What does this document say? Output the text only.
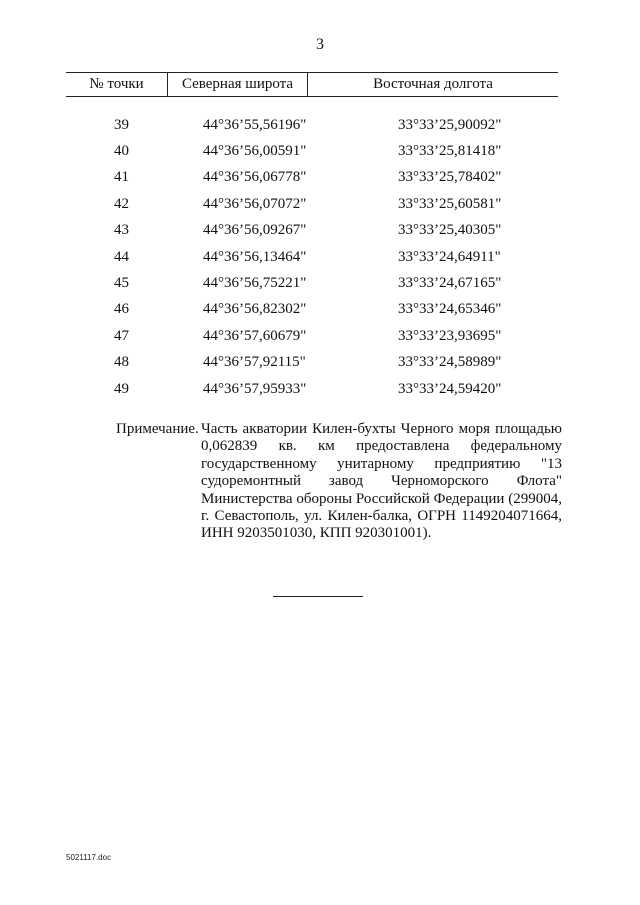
3
№ точки	Северная широта	Восточная долгота
39	44°36’55,56196"	33°33’25,90092"
40	44°36’56,00591"	33°33’25,81418"
41	44°36’56,06778"	33°33’25,78402"
42	44°36’56,07072"	33°33’25,60581"
43	44°36’56,09267"	33°33’25,40305"
44	44°36’56,13464"	33°33’24,64911"
45	44°36’56,75221"	33°33’24,67165"
46	44°36’56,82302"	33°33’24,65346"
47	44°36’57,60679"	33°33’23,93695"
48	44°36’57,92115"	33°33’24,58989"
49	44°36’57,95933"	33°33’24,59420"
Примечание. Часть акватории Килен-бухты Черного моря площадью 0,062839 кв. км предоставлена федеральному государственному унитарному предприятию "13 судоремонтный завод Черноморского Флота" Министерства обороны Российской Федерации (299004, г. Севастополь, ул. Килен-балка, ОГРН 1149204071664, ИНН 9203501030, КПП 920301001).
5021117.doc
